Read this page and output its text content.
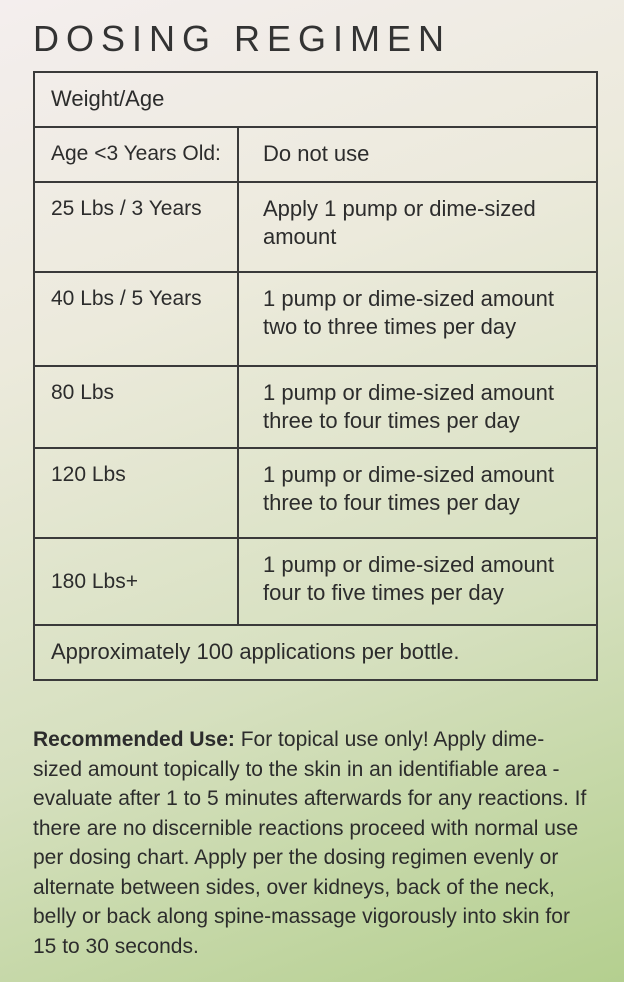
DOSING REGIMEN
Weight/Age	
Age <3 Years Old:	Do not use
25 Lbs / 3 Years	Apply 1 pump or dime-sized amount
40 Lbs / 5 Years	1 pump or dime-sized amount two to three times per day
80 Lbs	1 pump or dime-sized amount three to four times per day
120 Lbs	1 pump or dime-sized amount three to four times per day
180 Lbs+	1 pump or dime-sized amount four to five times per day
Approximately 100 applications per bottle.	

Recommended Use: For topical use only! Apply dime-sized amount topically to the skin in an identifiable area - evaluate after 1 to 5 minutes afterwards for any reactions. If there are no discernible reactions proceed with normal use per dosing chart. Apply per the dosing regimen evenly or alternate between sides, over kidneys, back of the neck, belly or back along spine-massage vigorously into skin for 15 to 30 seconds.
